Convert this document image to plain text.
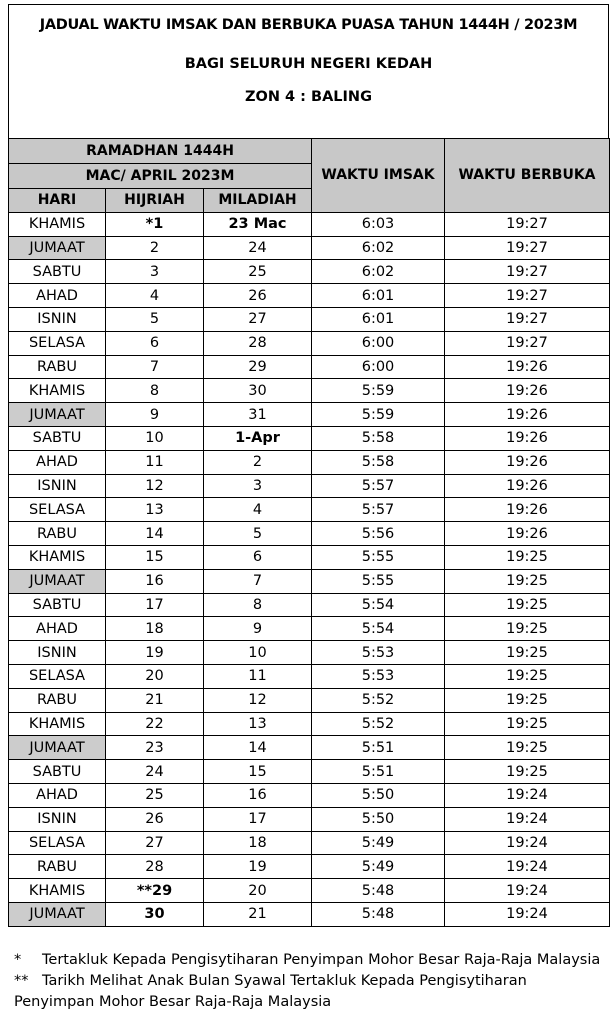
JADUAL WAKTU IMSAK DAN BERBUKA PUASA TAHUN 1444H / 2023M
BAGI SELURUH NEGERI KEDAH
ZON 4 : BALING
RAMADHAN 1444H			WAKTU IMSAK	WAKTU BERBUKA
MAC/ APRIL 2023M				
HARI	HIJRIAH	MILADIAH		
KHAMIS	*1	23 Mac	6:03	19:27
JUMAAT	2	24	6:02	19:27
SABTU	3	25	6:02	19:27
AHAD	4	26	6:01	19:27
ISNIN	5	27	6:01	19:27
SELASA	6	28	6:00	19:27
RABU	7	29	6:00	19:26
KHAMIS	8	30	5:59	19:26
JUMAAT	9	31	5:59	19:26
SABTU	10	1-Apr	5:58	19:26
AHAD	11	2	5:58	19:26
ISNIN	12	3	5:57	19:26
SELASA	13	4	5:57	19:26
RABU	14	5	5:56	19:26
KHAMIS	15	6	5:55	19:25
JUMAAT	16	7	5:55	19:25
SABTU	17	8	5:54	19:25
AHAD	18	9	5:54	19:25
ISNIN	19	10	5:53	19:25
SELASA	20	11	5:53	19:25
RABU	21	12	5:52	19:25
KHAMIS	22	13	5:52	19:25
JUMAAT	23	14	5:51	19:25
SABTU	24	15	5:51	19:25
AHAD	25	16	5:50	19:24
ISNIN	26	17	5:50	19:24
SELASA	27	18	5:49	19:24
RABU	28	19	5:49	19:24
KHAMIS	**29	20	5:48	19:24
JUMAAT	30	21	5:48	19:24
* Tertakluk Kepada Pengisytiharan Penyimpan Mohor Besar Raja-Raja Malaysia
** Tarikh Melihat Anak Bulan Syawal Tertakluk Kepada Pengisytiharan
Penyimpan Mohor Besar Raja-Raja Malaysia
